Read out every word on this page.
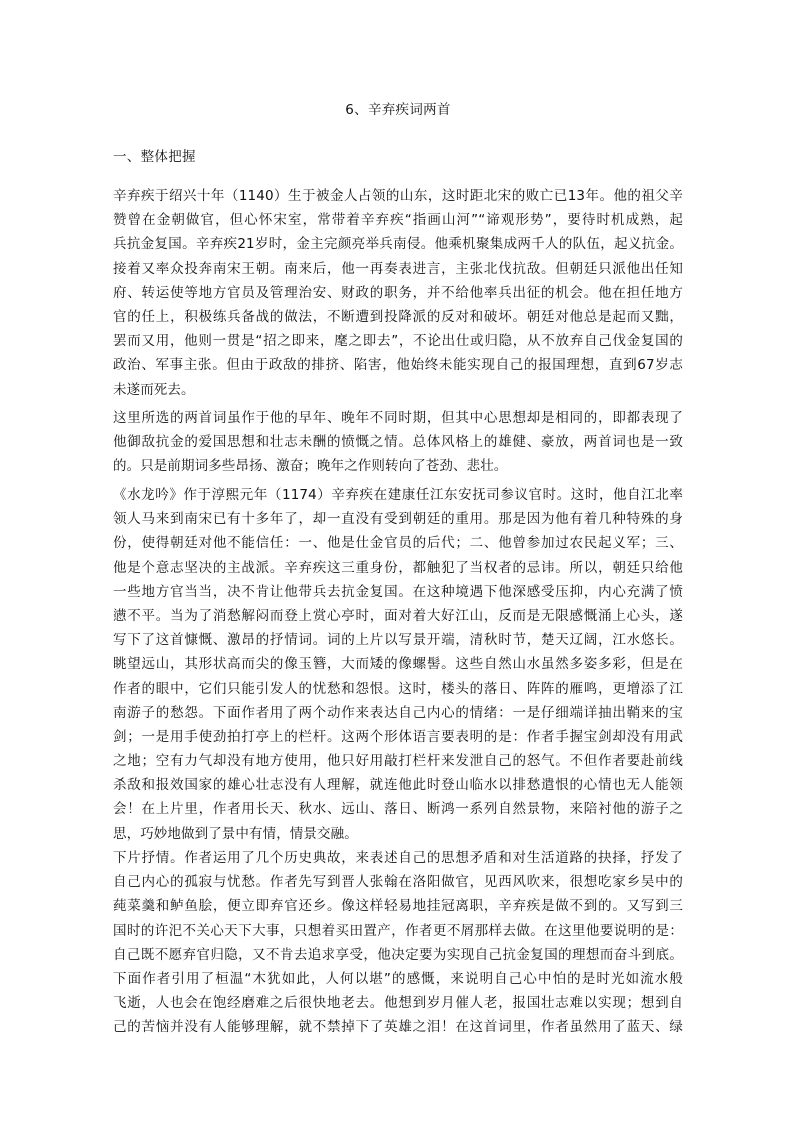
6、辛弃疾词两首
一、整体把握
辛弃疾于绍兴十年（1140）生于被金人占领的山东，这时距北宋的败亡已13年。他的祖父辛
赞曾在金朝做官，但心怀宋室，常带着辛弃疾“指画山河”“谛观形势”，要待时机成熟，起
兵抗金复国。辛弃疾21岁时，金主完颜亮举兵南侵。他乘机聚集成两千人的队伍，起义抗金。
接着又率众投奔南宋王朝。南来后，他一再奏表进言，主张北伐抗敌。但朝廷只派他出任知
府、转运使等地方官员及管理治安、财政的职务，并不给他率兵出征的机会。他在担任地方
官的任上，积极练兵备战的做法，不断遭到投降派的反对和破坏。朝廷对他总是起而又黜，
罢而又用，他则一贯是“招之即来，麾之即去”，不论出仕或归隐，从不放弃自己伐金复国的
政治、军事主张。但由于政敌的排挤、陷害，他始终未能实现自己的报国理想，直到67岁志
未遂而死去。
这里所选的两首词虽作于他的早年、晚年不同时期，但其中心思想却是相同的，即都表现了
他御敌抗金的爱国思想和壮志未酬的愤慨之情。总体风格上的雄健、豪放，两首词也是一致
的。只是前期词多些昂扬、激奋；晚年之作则转向了苍劲、悲壮。
《水龙吟》作于淳熙元年（1174）辛弃疾在建康任江东安抚司参议官时。这时，他自江北率
领人马来到南宋已有十多年了，却一直没有受到朝廷的重用。那是因为他有着几种特殊的身
份，使得朝廷对他不能信任：一、他是仕金官员的后代；二、他曾参加过农民起义军；三、
他是个意志坚决的主战派。辛弃疾这三重身份，都触犯了当权者的忌讳。所以，朝廷只给他
一些地方官当当，决不肯让他带兵去抗金复国。在这种境遇下他深感受压抑，内心充满了愤
懑不平。当为了消愁解闷而登上赏心亭时，面对着大好江山，反而是无限感慨涌上心头，遂
写下了这首慷慨、激昂的抒情词。词的上片以写景开端，清秋时节，楚天辽阔，江水悠长。
眺望远山，其形状高而尖的像玉簪，大而矮的像螺髻。这些自然山水虽然多姿多彩，但是在
作者的眼中，它们只能引发人的忧愁和怨恨。这时，楼头的落日、阵阵的雁鸣，更增添了江
南游子的愁怨。下面作者用了两个动作来表达自己内心的情绪：一是仔细端详抽出鞘来的宝
剑；一是用手使劲拍打亭上的栏杆。这两个形体语言要表明的是：作者手握宝剑却没有用武
之地；空有力气却没有地方使用，他只好用敲打栏杆来发泄自己的怒气。不但作者要赴前线
杀敌和报效国家的雄心壮志没有人理解，就连他此时登山临水以排愁遣恨的心情也无人能领
会！在上片里，作者用长天、秋水、远山、落日、断鸿一系列自然景物，来陪衬他的游子之
思，巧妙地做到了景中有情，情景交融。
下片抒情。作者运用了几个历史典故，来表述自己的思想矛盾和对生活道路的抉择，抒发了
自己内心的孤寂与忧愁。作者先写到晋人张翰在洛阳做官，见西风吹来，很想吃家乡吴中的
莼菜羹和鲈鱼脍，便立即弃官还乡。像这样轻易地挂冠离职，辛弃疾是做不到的。又写到三
国时的许汜不关心天下大事，只想着买田置产，作者更不屑那样去做。在这里他要说明的是：
自己既不愿弃官归隐，又不肯去追求享受，他决定要为实现自己抗金复国的理想而奋斗到底。
下面作者引用了桓温“木犹如此，人何以堪”的感慨，来说明自己心中怕的是时光如流水般
飞逝，人也会在饱经磨难之后很快地老去。他想到岁月催人老，报国壮志难以实现；想到自
己的苦恼并没有人能够理解，就不禁掉下了英雄之泪！在这首词里，作者虽然用了蓝天、绿
